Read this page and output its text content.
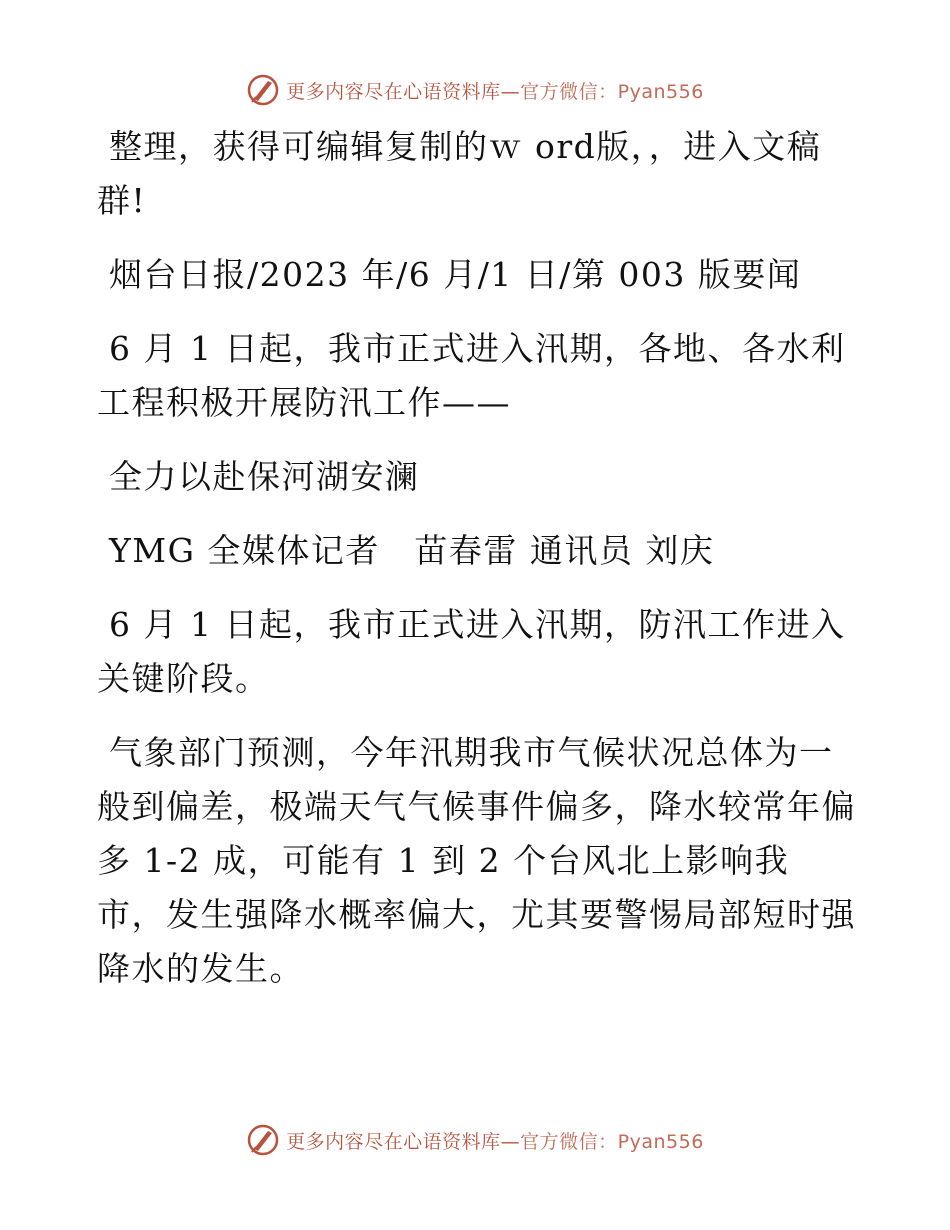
更多内容尽在心语资料库—官方微信：Pyan556

整理，获得可编辑复制的ｗ ord版，，进入文稿群!

烟台日报/2023 年/6 月/1 日/第 003 版要闻

6 月 1 日起，我市正式进入汛期，各地、各水利工程积极开展防汛工作——

全力以赴保河湖安澜

YMG 全媒体记者　苗春雷 通讯员 刘庆

6 月 1 日起，我市正式进入汛期，防汛工作进入关键阶段。

气象部门预测，今年汛期我市气候状况总体为一般到偏差，极端天气气候事件偏多，降水较常年偏多 1-2 成，可能有 1 到 2 个台风北上影响我市，发生强降水概率偏大，尤其要警惕局部短时强降水的发生。

更多内容尽在心语资料库—官方微信：Pyan556
